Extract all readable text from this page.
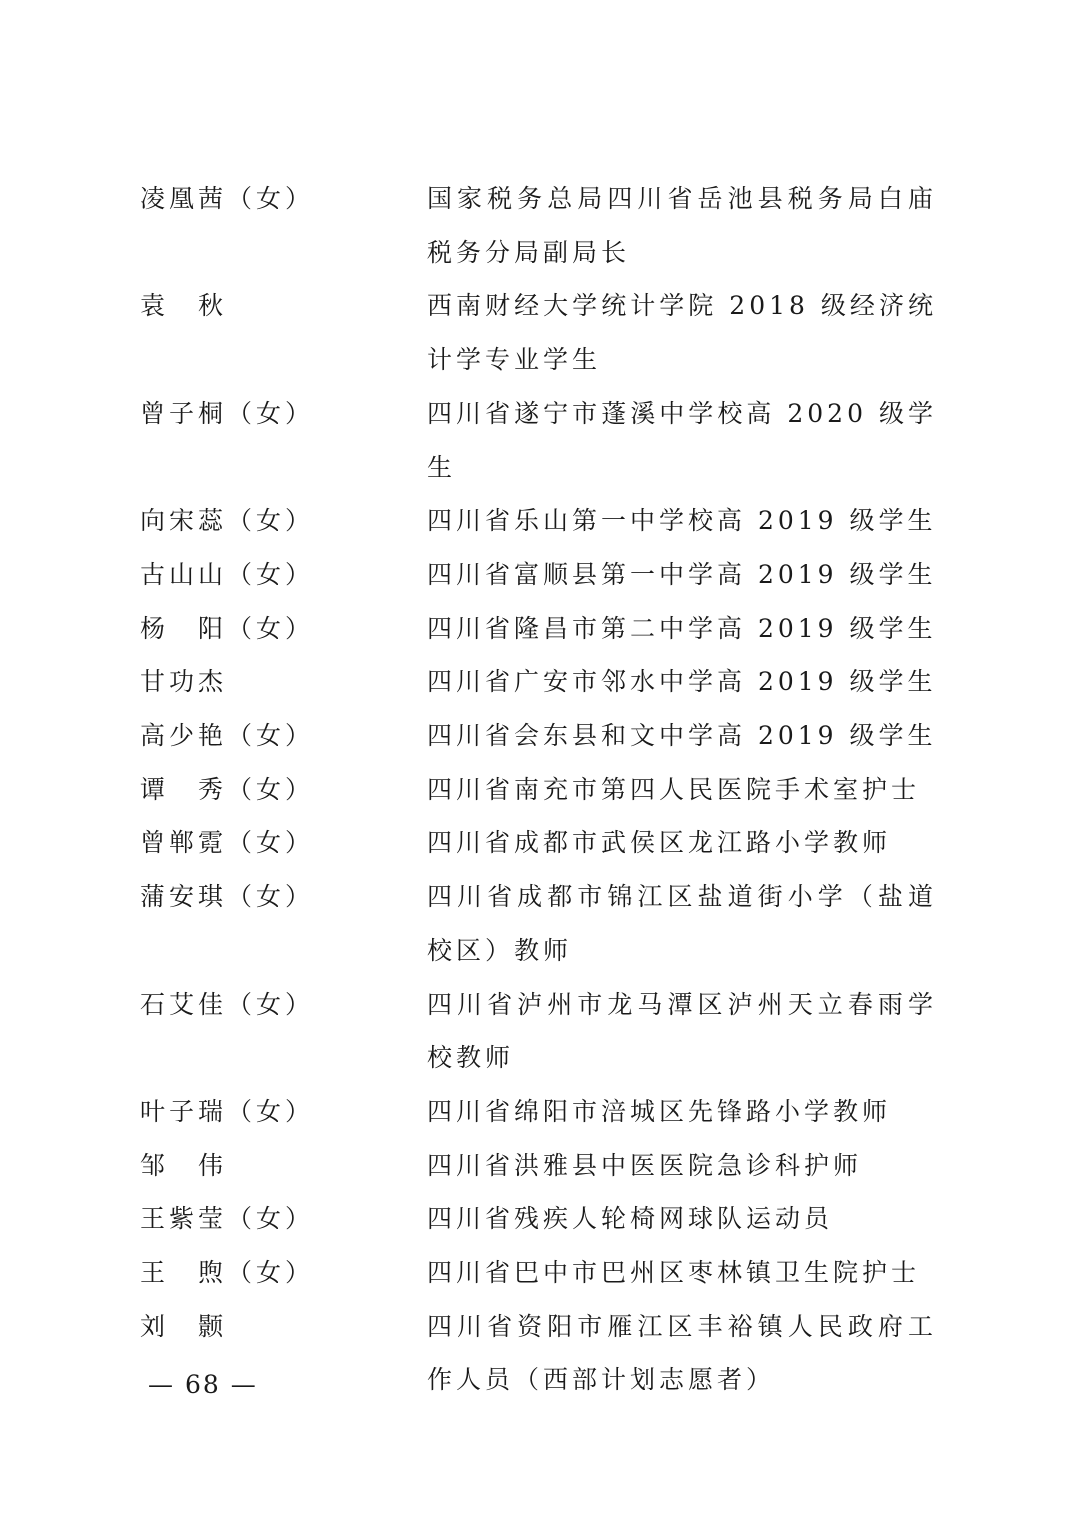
凌凰茜（女）	国家税务总局四川省岳池县税务局白庙税务分局副局长
袁　秋	西南财经大学统计学院 2018 级经济统计学专业学生
曾子桐（女）	四川省遂宁市蓬溪中学校高 2020 级学生
向宋蕊（女）	四川省乐山第一中学校高 2019 级学生
古山山（女）	四川省富顺县第一中学高 2019 级学生
杨　阳（女）	四川省隆昌市第二中学高 2019 级学生
甘功杰	四川省广安市邻水中学高 2019 级学生
高少艳（女）	四川省会东县和文中学高 2019 级学生
谭　秀（女）	四川省南充市第四人民医院手术室护士
曾郸霓（女）	四川省成都市武侯区龙江路小学教师
蒲安琪（女）	四川省成都市锦江区盐道街小学（盐道校区）教师
石艾佳（女）	四川省泸州市龙马潭区泸州天立春雨学校教师
叶子瑞（女）	四川省绵阳市涪城区先锋路小学教师
邹　伟	四川省洪雅县中医医院急诊科护师
王紫莹（女）	四川省残疾人轮椅网球队运动员
王　煦（女）	四川省巴中市巴州区枣林镇卫生院护士
刘　颢	四川省资阳市雁江区丰裕镇人民政府工作人员（西部计划志愿者）
— 68 —
